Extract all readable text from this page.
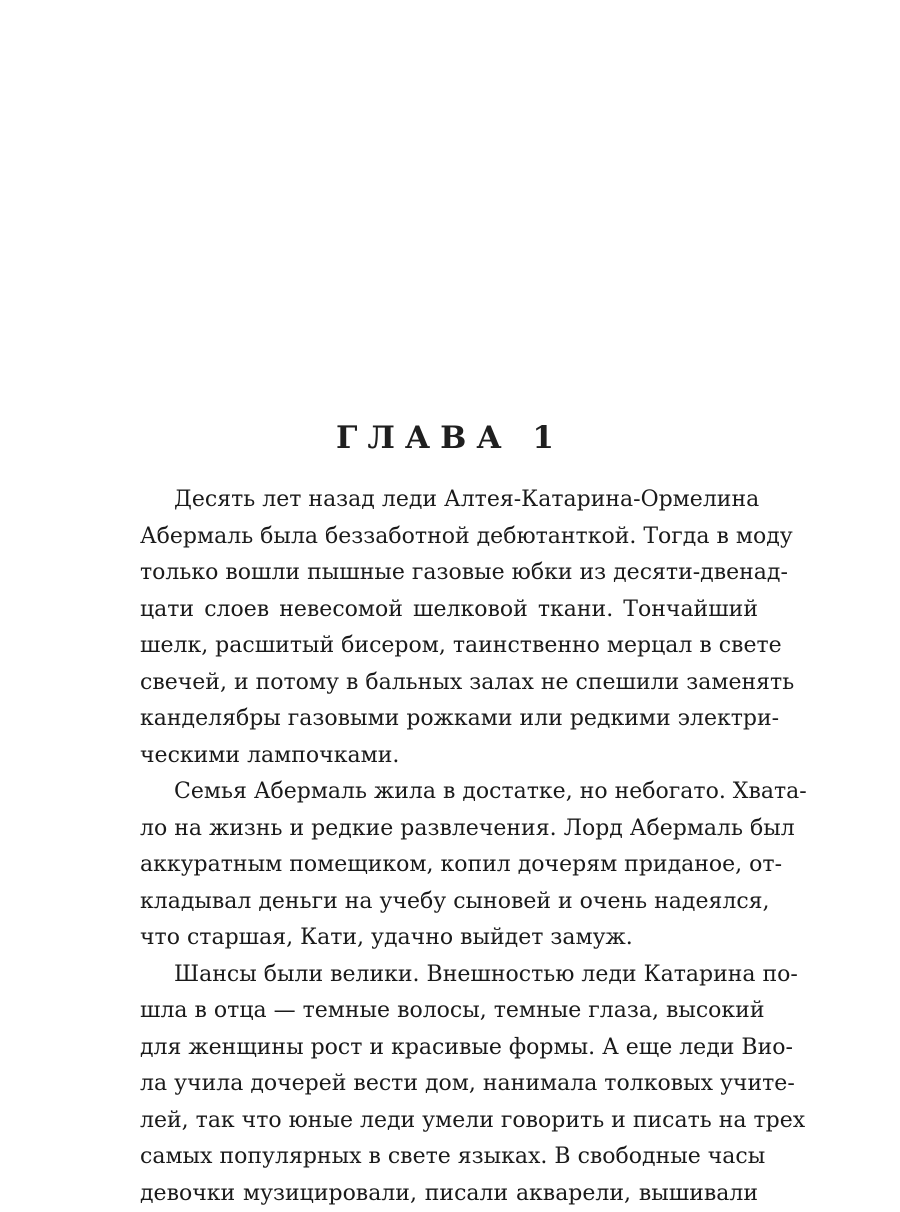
ГЛАВА 1
Десять лет назад леди Алтея-Катарина-Ормелина
Абермаль была беззаботной дебютанткой. Тогда в моду
только вошли пышные газовые юбки из десяти-двенад-
цати слоев невесомой шелковой ткани. Тончайший
шелк, расшитый бисером, таинственно мерцал в свете
свечей, и потому в бальных залах не спешили заменять
канделябры газовыми рожками или редкими электри-
ческими лампочками.
Семья Абермаль жила в достатке, но небогато. Хвата-
ло на жизнь и редкие развлечения. Лорд Абермаль был
аккуратным помещиком, копил дочерям приданое, от-
кладывал деньги на учебу сыновей и очень надеялся,
что старшая, Кати, удачно выйдет замуж.
Шансы были велики. Внешностью леди Катарина по-
шла в отца — темные волосы, темные глаза, высокий
для женщины рост и красивые формы. А еще леди Вио-
ла учила дочерей вести дом, нанимала толковых учите-
лей, так что юные леди умели говорить и писать на трех
самых популярных в свете языках. В свободные часы
девочки музицировали, писали акварели, вышивали
